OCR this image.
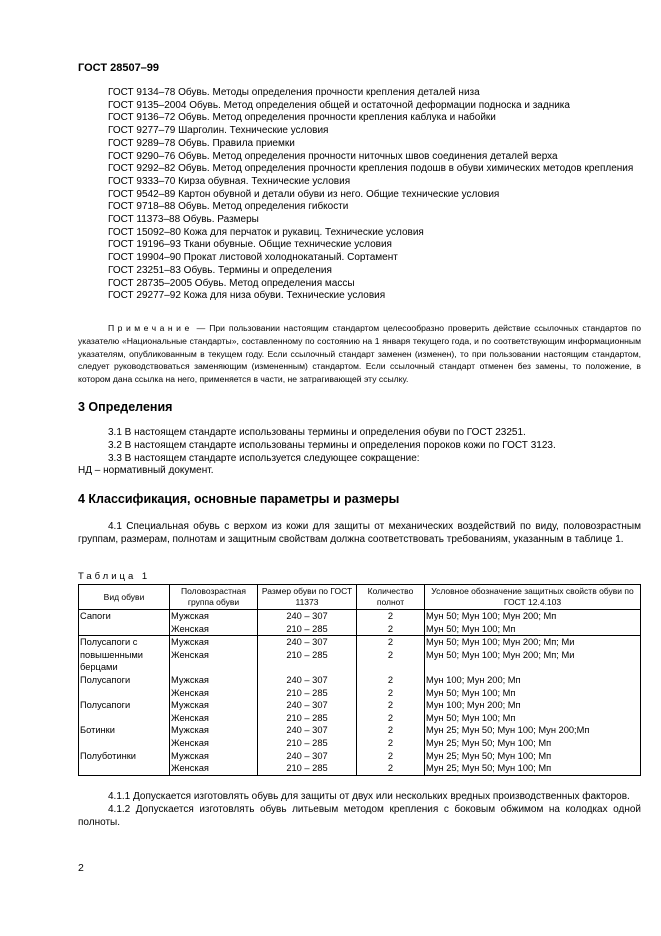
ГОСТ 28507–99
ГОСТ 9134–78 Обувь. Методы определения прочности крепления деталей низа
ГОСТ 9135–2004 Обувь. Метод определения общей и остаточной деформации подноска и задника
ГОСТ 9136–72 Обувь. Метод определения прочности крепления каблука и набойки
ГОСТ 9277–79 Шарголин. Технические условия
ГОСТ 9289–78 Обувь. Правила приемки
ГОСТ 9290–76 Обувь. Метод определения прочности ниточных швов соединения деталей верха
ГОСТ 9292–82 Обувь. Метод определения прочности крепления подошв в обуви химических методов крепления
ГОСТ 9333–70 Кирза обувная. Технические условия
ГОСТ 9542–89 Картон обувной и детали обуви из него. Общие технические условия
ГОСТ 9718–88 Обувь. Метод определения гибкости
ГОСТ 11373–88 Обувь. Размеры
ГОСТ 15092–80 Кожа для перчаток и рукавиц. Технические условия
ГОСТ 19196–93 Ткани обувные. Общие технические условия
ГОСТ 19904–90 Прокат листовой холоднокатаный. Сортамент
ГОСТ 23251–83 Обувь. Термины и определения
ГОСТ 28735–2005 Обувь. Метод определения массы
ГОСТ 29277–92 Кожа для низа обуви. Технические условия
Примечание — При пользовании настоящим стандартом целесообразно проверить действие ссылочных стандартов по указателю «Национальные стандарты», составленному по состоянию на 1 января текущего года, и по соответствующим информационным указателям, опубликованным в текущем году. Если ссылочный стандарт заменен (изменен), то при пользовании настоящим стандартом, следует руководствоваться заменяющим (измененным) стандартом. Если ссылочный стандарт отменен без замены, то положение, в котором дана ссылка на него, применяется в части, не затрагивающей эту ссылку.
3 Определения
3.1 В настоящем стандарте использованы термины и определения обуви по ГОСТ 23251.
3.2 В настоящем стандарте использованы термины и определения пороков кожи по ГОСТ 3123.
3.3 В настоящем стандарте используется следующее сокращение:
НД – нормативный документ.
4 Классификация, основные параметры и размеры
4.1 Специальная обувь с верхом из кожи для защиты от механических воздействий по виду, половозрастным группам, размерам, полнотам и защитным свойствам должна соответствовать требованиям, указанным в таблице 1.
Таблица 1
Вид обуви	Половозрастная группа обуви	Размер обуви по ГОСТ 11373	Количество полнот	Условное обозначение защитных свойств обуви по ГОСТ 12.4.103
Сапоги	Мужская	240 – 307	2	Мун 50; Мун 100; Мун 200; Мп
	Женская	210 – 285	2	Мун 50; Мун 100; Мп
Полусапоги с	Мужская	240 – 307	2	Мун 50; Мун 100; Мун 200; Мп; Ми
повышенными	Женская	210 – 285	2	Мун 50; Мун 100; Мун 200; Мп; Ми
берцами				
Полусапоги	Мужская	240 – 307	2	Мун 100; Мун 200; Мп
	Женская	210 – 285	2	Мун 50; Мун 100; Мп
Полусапоги	Мужская	240 – 307	2	Мун 100; Мун 200; Мп
	Женская	210 – 285	2	Мун 50; Мун 100; Мп
Ботинки	Мужская	240 – 307	2	Мун 25; Мун 50; Мун 100; Мун 200;Мп
	Женская	210 – 285	2	Мун 25; Мун 50; Мун 100; Мп
Полуботинки	Мужская	240 – 307	2	Мун 25; Мун 50; Мун 100; Мп
	Женская	210 – 285	2	Мун 25; Мун 50; Мун 100; Мп
4.1.1 Допускается изготовлять обувь для защиты от двух или нескольких вредных производственных факторов.
4.1.2 Допускается изготовлять обувь литьевым методом крепления с боковым обжимом на колодках одной полноты.
2
